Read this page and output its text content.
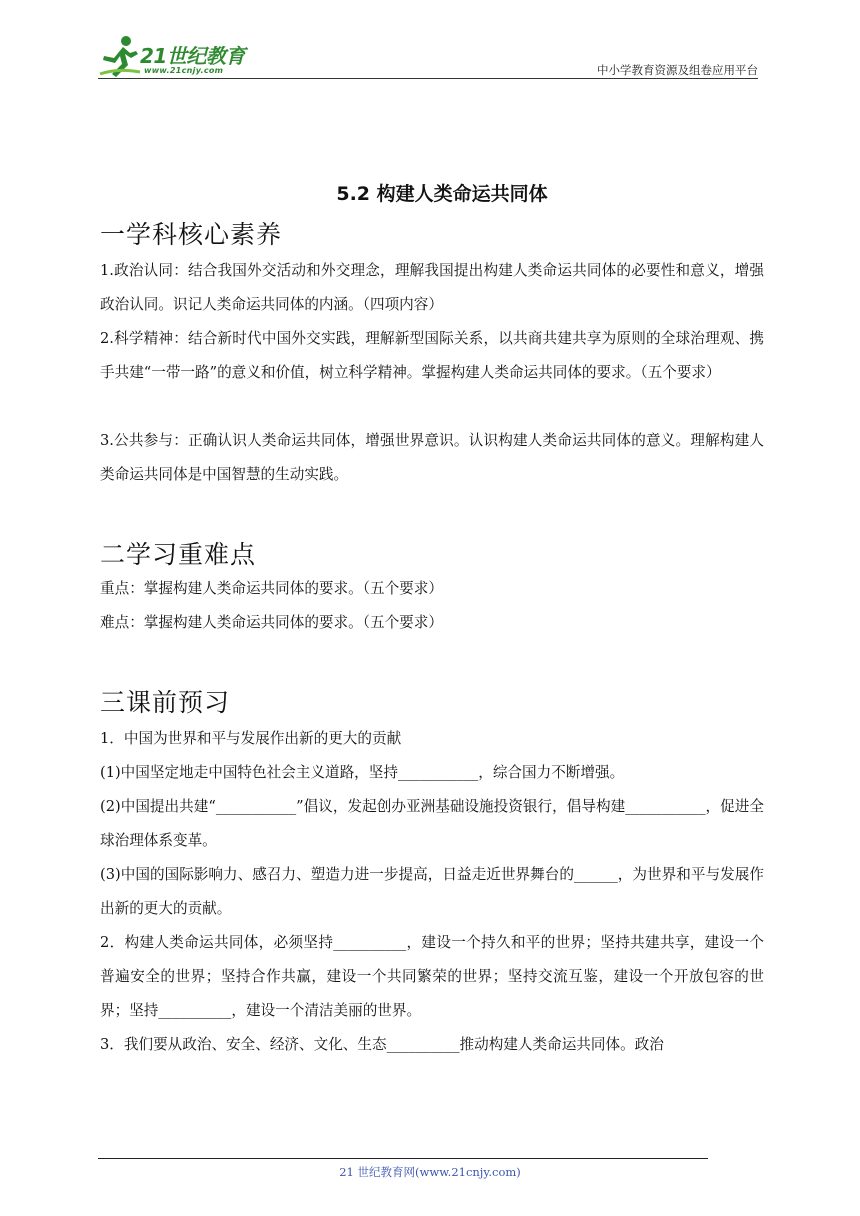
21世纪教育
www.21cnjy.com	中小学教育资源及组卷应用平台
5.2 构建人类命运共同体
一学科核心素养

1.政治认同：结合我国外交活动和外交理念，理解我国提出构建人类命运共同体的必要性和意义，增强政治认同。识记人类命运共同体的内涵。（四项内容）

2.科学精神：结合新时代中国外交实践，理解新型国际关系，以共商共建共享为原则的全球治理观、携手共建“一带一路”的意义和价值，树立科学精神。掌握构建人类命运共同体的要求。（五个要求）

3.公共参与：正确认识人类命运共同体，增强世界意识。认识构建人类命运共同体的意义。理解构建人类命运共同体是中国智慧的生动实践。

二学习重难点

重点：掌握构建人类命运共同体的要求。（五个要求）

难点：掌握构建人类命运共同体的要求。（五个要求）

三课前预习

1．中国为世界和平与发展作出新的更大的贡献

(1)中国坚定地走中国特色社会主义道路，坚持___________，综合国力不断增强。

(2)中国提出共建“___________”倡议，发起创办亚洲基础设施投资银行，倡导构建___________，促进全球治理体系变革。

(3)中国的国际影响力、感召力、塑造力进一步提高，日益走近世界舞台的______，为世界和平与发展作出新的更大的贡献。

2．构建人类命运共同体，必须坚持__________，建设一个持久和平的世界；坚持共建共享，建设一个普遍安全的世界；坚持合作共赢，建设一个共同繁荣的世界；坚持交流互鉴，建设一个开放包容的世界；坚持__________，建设一个清洁美丽的世界。

3．我们要从政治、安全、经济、文化、生态__________推动构建人类命运共同体。政治

21 世纪教育网(www.21cnjy.com)
